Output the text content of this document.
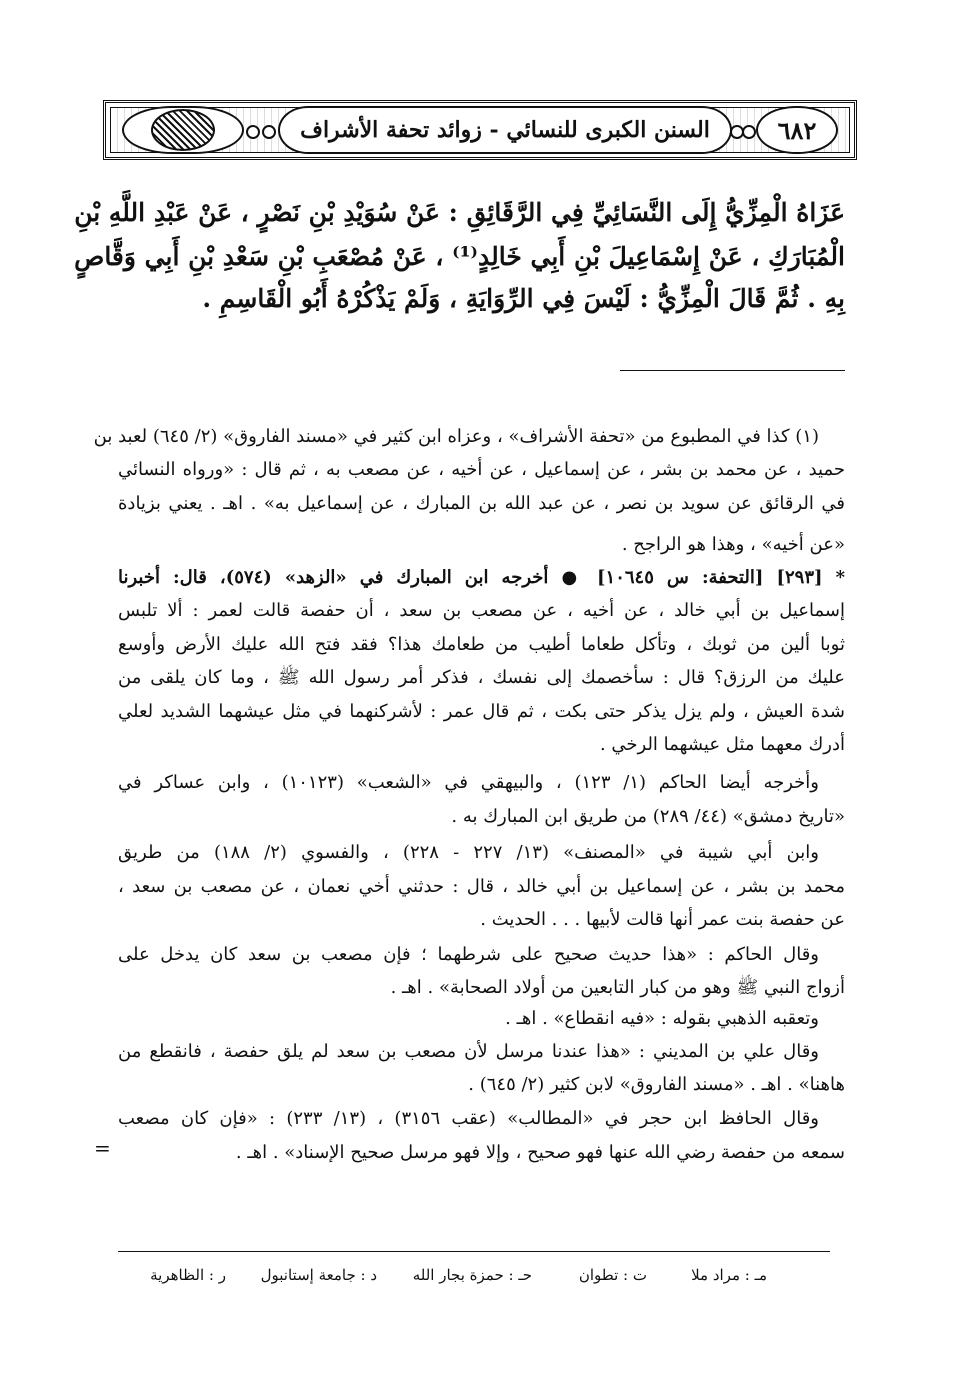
السنن الكبرى للنسائي - زوائد تحفة الأشراف	٦٨٢
عَزَاهُ الْمِزِّيُّ إِلَى النَّسَائِيِّ فِي الرَّقَائِقِ : عَنْ سُوَيْدِ بْنِ نَصْرٍ ، عَنْ عَبْدِ اللَّهِ بْنِ
الْمُبَارَكِ ، عَنْ إِسْمَاعِيلَ بْنِ أَبِي خَالِدٍ⁽¹⁾ ، عَنْ مُصْعَبِ بْنِ سَعْدِ بْنِ أَبِي وَقَّاصٍ
بِهِ . ثُمَّ قَالَ الْمِزِّيُّ : لَيْسَ فِي الرِّوَايَةِ ، وَلَمْ يَذْكُرْهُ أَبُو الْقَاسِمِ .
(١) كذا في المطبوع من «تحفة الأشراف» ، وعزاه ابن كثير في «مسند الفاروق» (٢/ ٦٤٥) لعبد بن
حميد ، عن محمد بن بشر ، عن إسماعيل ، عن أخيه ، عن مصعب به ، ثم قال : «ورواه النسائي
في الرقائق عن سويد بن نصر ، عن عبد الله بن المبارك ، عن إسماعيل به» . اهـ . يعني بزيادة
«عن أخيه» ، وهذا هو الراجح .
* [٢٩٣] [التحفة: س ١٠٦٤٥] ● أخرجه ابن المبارك في «الزهد» (٥٧٤)، قال: أخبرنا
إسماعيل بن أبي خالد ، عن أخيه ، عن مصعب بن سعد ، أن حفصة قالت لعمر : ألا تلبس
ثوبا ألين من ثوبك ، وتأكل طعاما أطيب من طعامك هذا؟ فقد فتح الله عليك الأرض وأوسع
عليك من الرزق؟ قال : سأخصمك إلى نفسك ، فذكر أمر رسول الله ﷺ ، وما كان يلقى من
شدة العيش ، ولم يزل يذكر حتى بكت ، ثم قال عمر : لأشركنهما في مثل عيشهما الشديد لعلي
أدرك معهما مثل عيشهما الرخي .
وأخرجه أيضا الحاكم (١/ ١٢٣) ، والبيهقي في «الشعب» (١٠١٢٣) ، وابن عساكر في
«تاريخ دمشق» (٤٤/ ٢٨٩) من طريق ابن المبارك به .
وابن أبي شيبة في «المصنف» (١٣/ ٢٢٧ - ٢٢٨) ، والفسوي (٢/ ١٨٨) من طريق
محمد بن بشر ، عن إسماعيل بن أبي خالد ، قال : حدثني أخي نعمان ، عن مصعب بن سعد ،
عن حفصة بنت عمر أنها قالت لأبيها . . . الحديث .
وقال الحاكم : «هذا حديث صحيح على شرطهما ؛ فإن مصعب بن سعد كان يدخل على
أزواج النبي ﷺ وهو من كبار التابعين من أولاد الصحابة» . اهـ .
وتعقبه الذهبي بقوله : «فيه انقطاع» . اهـ .
وقال علي بن المديني : «هذا عندنا مرسل لأن مصعب بن سعد لم يلق حفصة ، فانقطع من
هاهنا» . اهـ . «مسند الفاروق» لابن كثير (٢/ ٦٤٥) .
وقال الحافظ ابن حجر في «المطالب» (عقب ٣١٥٦) ، (١٣/ ٢٣٣) : «فإن كان مصعب
سمعه من حفصة رضي الله عنها فهو صحيح ، وإلا فهو مرسل صحيح الإسناد» . اهـ .
=
مـ : مراد ملا
ت : تطوان
حـ : حمزة بجار الله
د : جامعة إستانبول
ر : الظاهرية
